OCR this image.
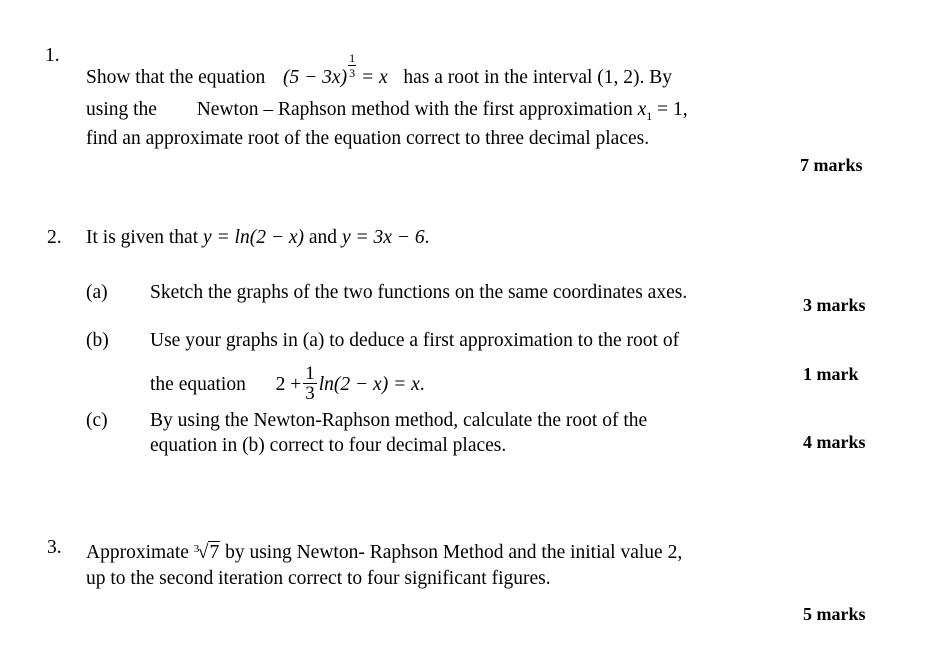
1.
Show that the equation $(5 - 3x) \frac{1}{3} = x$ has a root in the interval (1, 2). By
using the Newton – Raphson method with the first approximation $x_1 = 1$,
find an approximate root of the equation correct to three decimal places.
7 marks
2. It is given that y = ln(2 − x) and y = 3x − 6.
(a) Sketch the graphs of the two functions on the same coordinates axes.
3 marks
(b) Use your graphs in (a) to deduce a first approximation to the root of
the equation $2 + \frac{1}{3} \ln(2 - x) = x$.	1 mark
(c) By using the Newton-Raphson method, calculate the root of the
equation in (b) correct to four decimal places.	4 marks
3. Approximate 3
√7 by using Newton- Raphson Method and the initial value 2,
up to the second iteration correct to four significant figures.
5 marks
